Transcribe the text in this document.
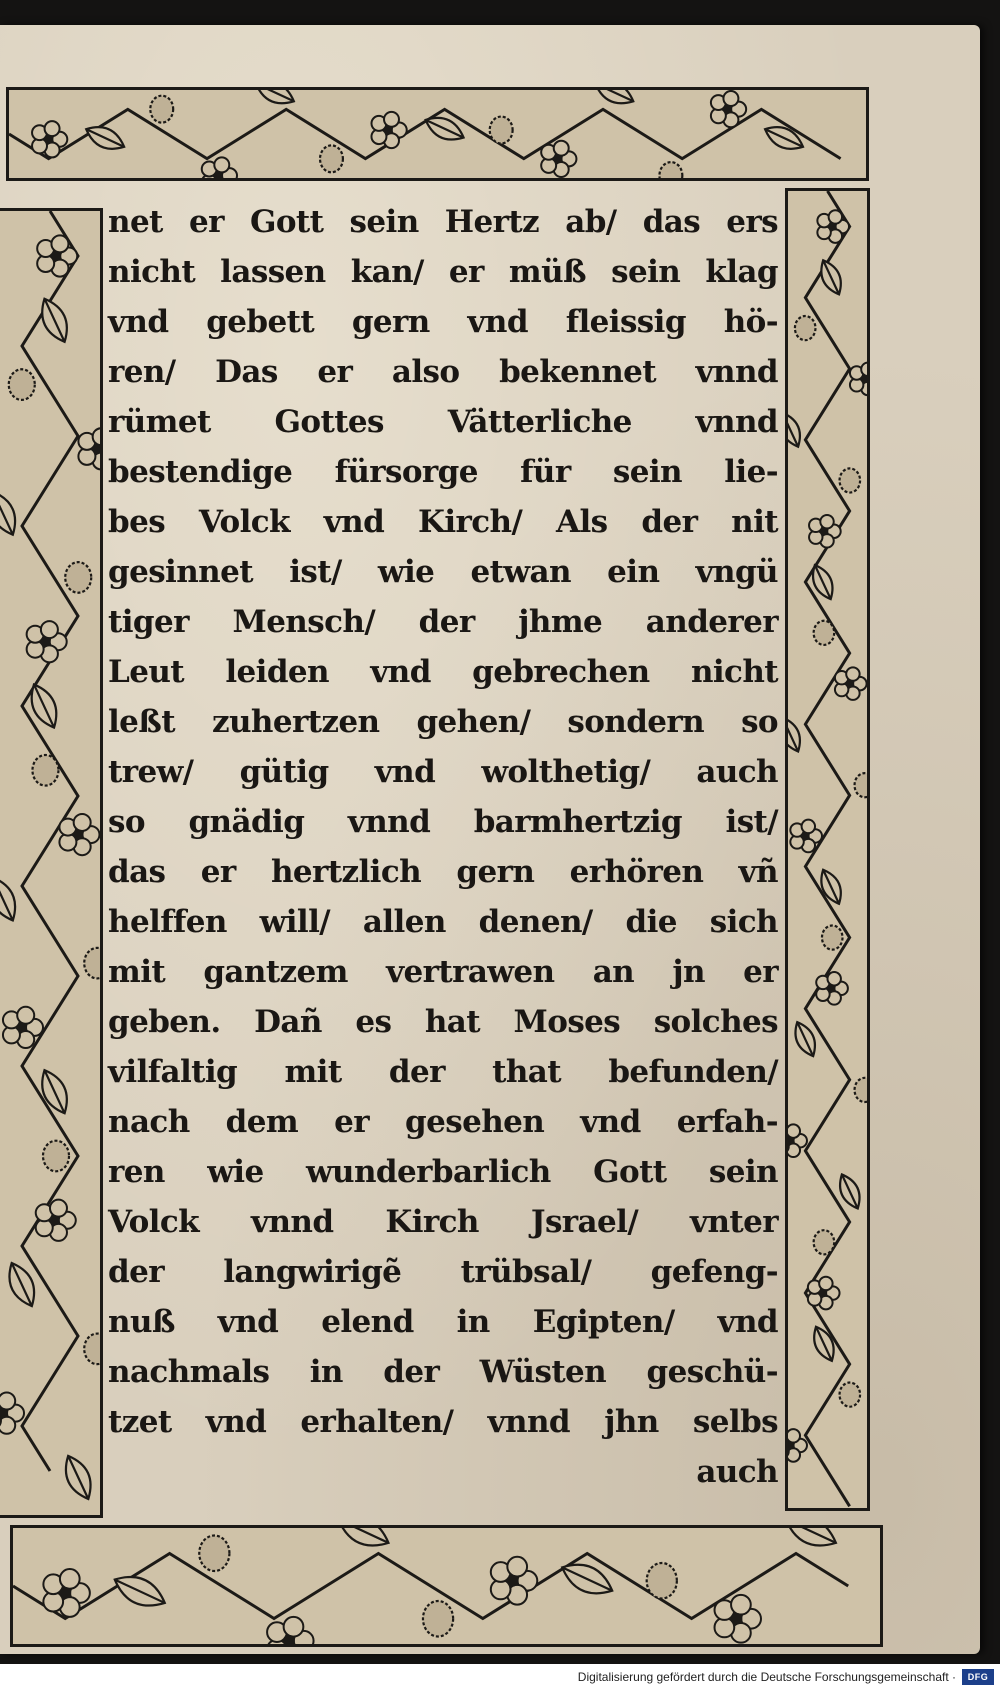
net er Gott sein Hertz ab/ das ers
nicht lassen kan/ er müß sein klag
vnd gebett gern vnd fleissig hö-
ren/ Das er also bekennet vnnd
rümet Gottes Vätterliche vnnd
bestendige fürsorge für sein lie-
bes Volck vnd Kirch/ Als der nit
gesinnet ist/ wie etwan ein vngü
tiger Mensch/ der jhme anderer
Leut leiden vnd gebrechen nicht
leßt zuhertzen gehen/ sondern so
trew/ gütig vnd wolthetig/ auch
so gnädig vnnd barmhertzig ist/
das er hertzlich gern erhören vñ
helffen will/ allen denen/ die sich
mit gantzem vertrawen an jn er
geben. Dañ es hat Moses solches
vilfaltig mit der that befunden/
nach dem er gesehen vnd erfah-
ren wie wunderbarlich Gott sein
Volck vnnd Kirch Jsrael/ vnter
der langwirigẽ trübsal/ gefeng-
nuß vnd elend in Egipten/ vnd
nachmals in der Wüsten geschü-
tzet vnd erhalten/ vnnd jhn selbs
auch
Digitalisierung gefördert durch die Deutsche Forschungsgemeinschaft ·	DFG
